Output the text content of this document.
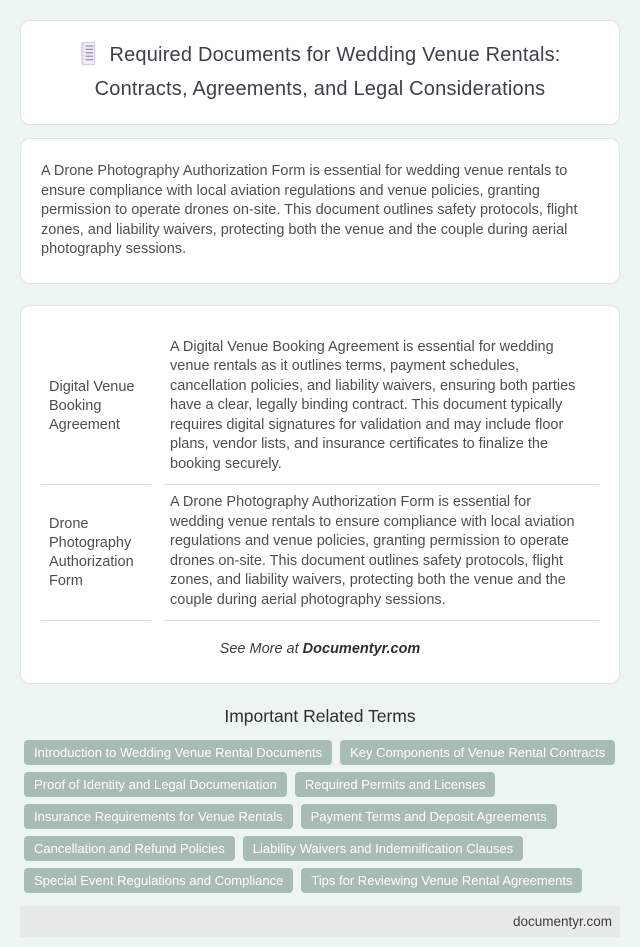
Required Documents for Wedding Venue Rentals: Contracts, Agreements, and Legal Considerations

A Drone Photography Authorization Form is essential for wedding venue rentals to ensure compliance with local aviation regulations and venue policies, granting permission to operate drones on-site. This document outlines safety protocols, flight zones, and liability waivers, protecting both the venue and the couple during aerial photography sessions.

Digital Venue Booking Agreement
A Digital Venue Booking Agreement is essential for wedding venue rentals as it outlines terms, payment schedules, cancellation policies, and liability waivers, ensuring both parties have a clear, legally binding contract. This document typically requires digital signatures for validation and may include floor plans, vendor lists, and insurance certificates to finalize the booking securely.
Drone Photography Authorization Form
A Drone Photography Authorization Form is essential for wedding venue rentals to ensure compliance with local aviation regulations and venue policies, granting permission to operate drones on-site. This document outlines safety protocols, flight zones, and liability waivers, protecting both the venue and the couple during aerial photography sessions.

See More at Documentyr.com

Important Related Terms
Introduction to Wedding Venue Rental Documents	Key Components of Venue Rental Contracts
Proof of Identity and Legal Documentation	Required Permits and Licenses
Insurance Requirements for Venue Rentals	Payment Terms and Deposit Agreements
Cancellation and Refund Policies	Liability Waivers and Indemnification Clauses
Special Event Regulations and Compliance	Tips for Reviewing Venue Rental Agreements
documentyr.com
